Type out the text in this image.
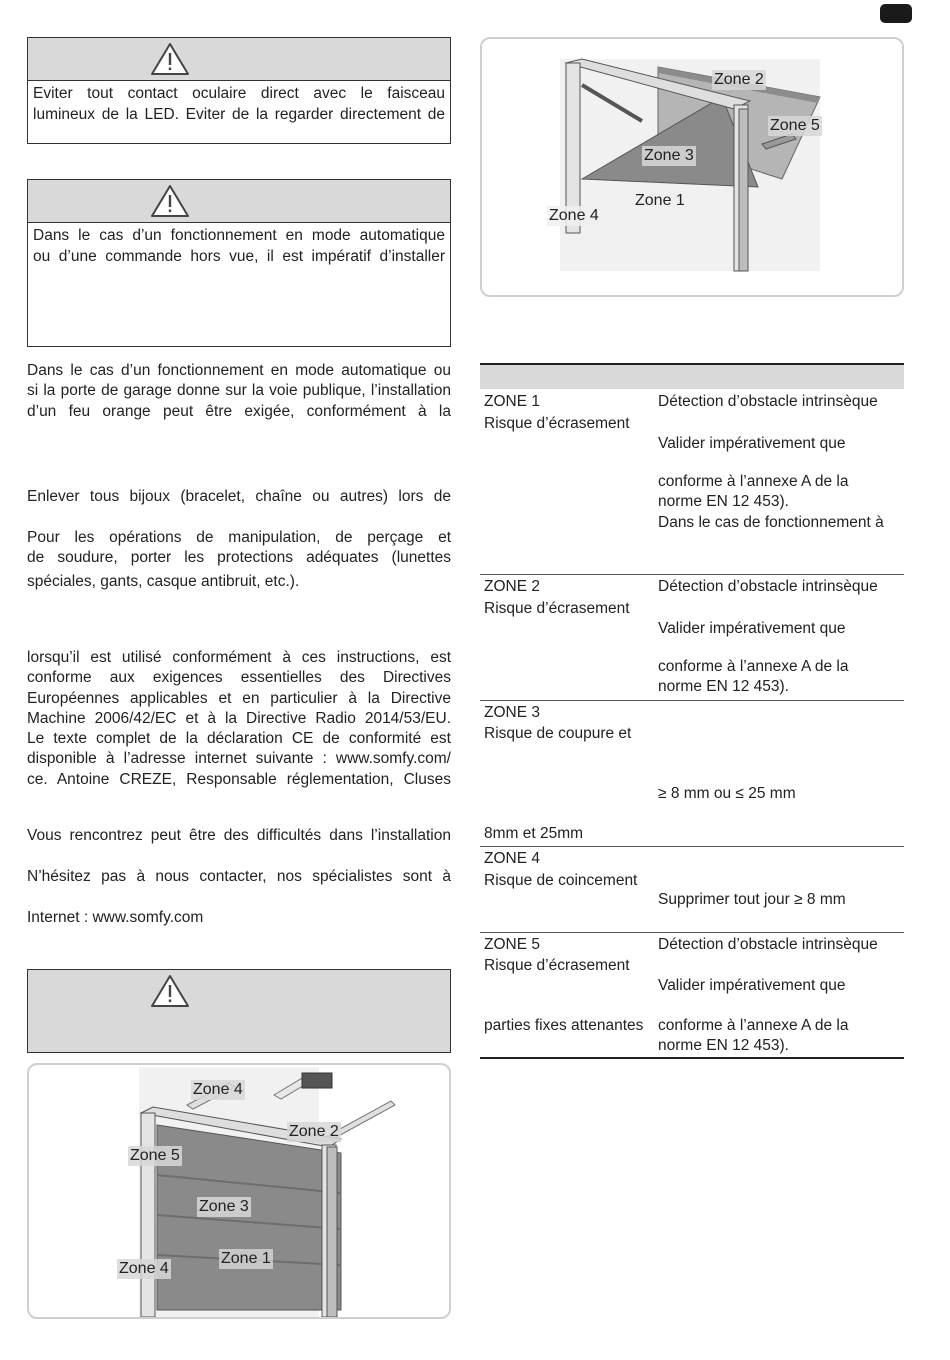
Eviter tout contact oculaire direct avec le faisceau
lumineux de la LED. Eviter de la regarder directement de
Dans le cas d’un fonctionnement en mode automatique
ou d’une commande hors vue, il est impératif d’installer
Dans le cas d’un fonctionnement en mode automatique ou
si la porte de garage donne sur la voie publique, l’installation
d’un feu orange peut être exigée, conformément à la
Enlever tous bijoux (bracelet, chaîne ou autres) lors de
Pour les opérations de manipulation, de perçage et
de soudure, porter les protections adéquates (lunettes
spéciales, gants, casque antibruit, etc.).
lorsqu’il est utilisé conformément à ces instructions, est
conforme aux exigences essentielles des Directives
Européennes applicables et en particulier à la Directive
Machine 2006/42/EC et à la Directive Radio 2014/53/EU.
Le texte complet de la déclaration CE de conformité est
disponible à l’adresse internet suivante : www.somfy.com/
ce. Antoine CREZE, Responsable réglementation, Cluses
Vous rencontrez peut être des difficultés dans l’installation
N’hésitez pas à nous contacter, nos spécialistes sont à
Internet : www.somfy.com
Zone 4
Zone 2
Zone 5
Zone 3
Zone 4
Zone 1
Zone 2
Zone 5
Zone 3
Zone 1
Zone 4
ZONE 1
Risque d’écrasement
Détection d’obstacle intrinsèque
Valider impérativement que
conforme à l’annexe A de la
norme EN 12 453).
Dans le cas de fonctionnement à
ZONE 2
Risque d’écrasement
Détection d’obstacle intrinsèque
Valider impérativement que
conforme à l’annexe A de la
norme EN 12 453).
ZONE 3
Risque de coupure et
8mm et 25mm
≥ 8 mm ou ≤ 25 mm
ZONE 4
Risque de coincement
Supprimer tout jour ≥ 8 mm
ZONE 5
Risque d’écrasement
parties fixes attenantes
Détection d’obstacle intrinsèque
Valider impérativement que
conforme à l’annexe A de la
norme EN 12 453).
